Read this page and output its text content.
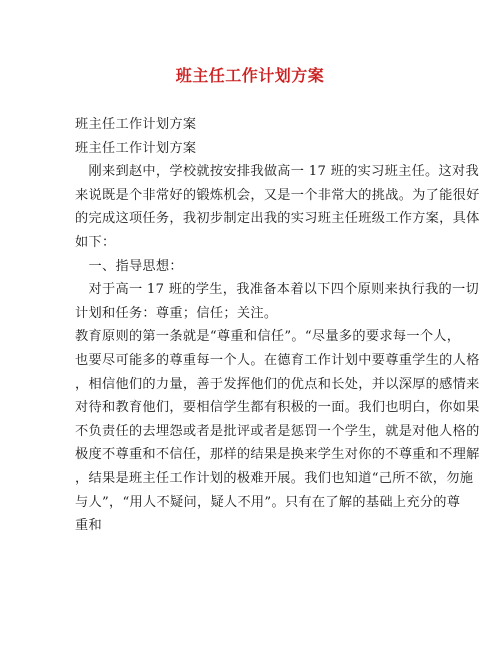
班主任工作计划方案
班主任工作计划方案
班主任工作计划方案
　刚来到赵中，学校就按安排我做高一 17 班的实习班主任。这对我
来说既是个非常好的锻炼机会，又是一个非常大的挑战。为了能很好
的完成这项任务，我初步制定出我的实习班主任班级工作方案，具体
如下：
　一、指导思想：
　对于高一 17 班的学生，我准备本着以下四个原则来执行我的一切
计划和任务：尊重；信任；关注。
教育原则的第一条就是“尊重和信任”。“尽量多的要求每一个人，
也要尽可能多的尊重每一个人。在德育工作计划中要尊重学生的人格
，相信他们的力量，善于发挥他们的优点和长处，并以深厚的感情来
对待和教育他们，要相信学生都有积极的一面。我们也明白，你如果
不负责任的去埋怨或者是批评或者是惩罚一个学生，就是对他人格的
极度不尊重和不信任，那样的结果是换来学生对你的不尊重和不理解
，结果是班主任工作计划的极难开展。我们也知道“己所不欲，勿施
与人”，“用人不疑问，疑人不用”。只有在了解的基础上充分的尊
重和
